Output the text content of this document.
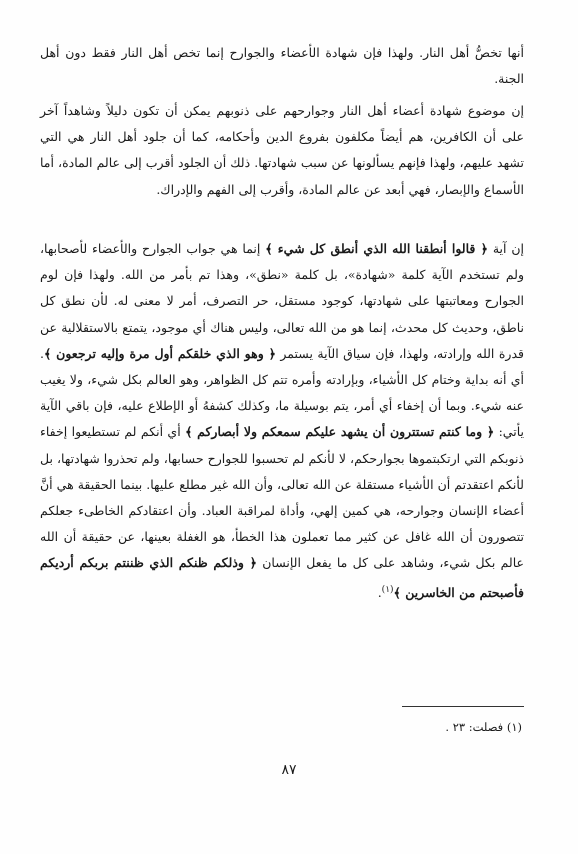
أنها تخصُّ أهل النار. ولهذا فإن شهادة الأعضاء والجوارح إنما تخص أهل النار فقط دون أهل الجنة.

إن موضوع شهادة أعضاء أهل النار وجوارحهم على ذنوبهم يمكن أن تكون دليلاً وشاهداً آخر على أن الكافرين، هم أيضاً مكلفون بفروع الدين وأحكامه، كما أن جلود أهل النار هي التي تشهد عليهم، ولهذا فإنهم يسألونها عن سبب شهادتها. ذلك أن الجلود أقرب إلى عالم المادة، أما الأسماع والإبصار، فهي أبعد عن عالم المادة، وأقرب إلى الفهم والإدراك.

إن آية ﴿ قالوا أنطقنا الله الذي أنطق كل شيء ﴾ إنما هي جواب الجوارح والأعضاء لأصحابها، ولم تستخدم الآية كلمة «شهادة»، بل كلمة «نطق»، وهذا تم بأمر من الله. ولهذا فإن لوم الجوارح ومعاتبتها على شهادتها، كوجود مستقل، حر التصرف، أمر لا معنى له. لأن نطق كل ناطق، وحديث كل محدث، إنما هو من الله تعالى، وليس هناك أي موجود، يتمتع بالاستقلالية عن قدرة الله وإرادته، ولهذا، فإن سياق الآية يستمر ﴿ وهو الذي خلقكم أول مرة وإليه ترجعون ﴾. أي أنه بداية وختام كل الأشياء، وبإرادته وأمره تتم كل الظواهر، وهو العالم بكل شيء، ولا يغيب عنه شيء. وبما أن إخفاء أي أمر، يتم بوسيلة ما، وكذلك كشفهُ أو الإطلاع عليه، فإن باقي الآية يأتي: ﴿ وما كنتم تستترون أن يشهد عليكم سمعكم ولا أبصاركم ﴾ أي أنكم لم تستطيعوا إخفاء ذنوبكم التي ارتكبتموها بجوارحكم، لا لأنكم لم تحسبوا للجوارح حسابها، ولم تحذروا شهادتها، بل لأنكم اعتقدتم أن الأشياء مستقلة عن الله تعالى، وأن الله غير مطلع عليها. بينما الحقيقة هي أنَّ أعضاء الإنسان وجوارحه، هي كمين إلهي، وأداة لمراقبة العباد. وأن اعتقادكم الخاطىء جعلكم تتصورون أن الله غافل عن كثير مما تعملون هذا الخطأ، هو الغفلة بعينها، عن حقيقة أن الله عالم بكل شيء، وشاهد على كل ما يفعل الإنسان ﴿ وذلكم ظنكم الذي ظننتم بربكم أرديكم فأصبحتم من الخاسرين ﴾$^{(١)}$.

(١) فصلت: ٢٣ .
٨٧
